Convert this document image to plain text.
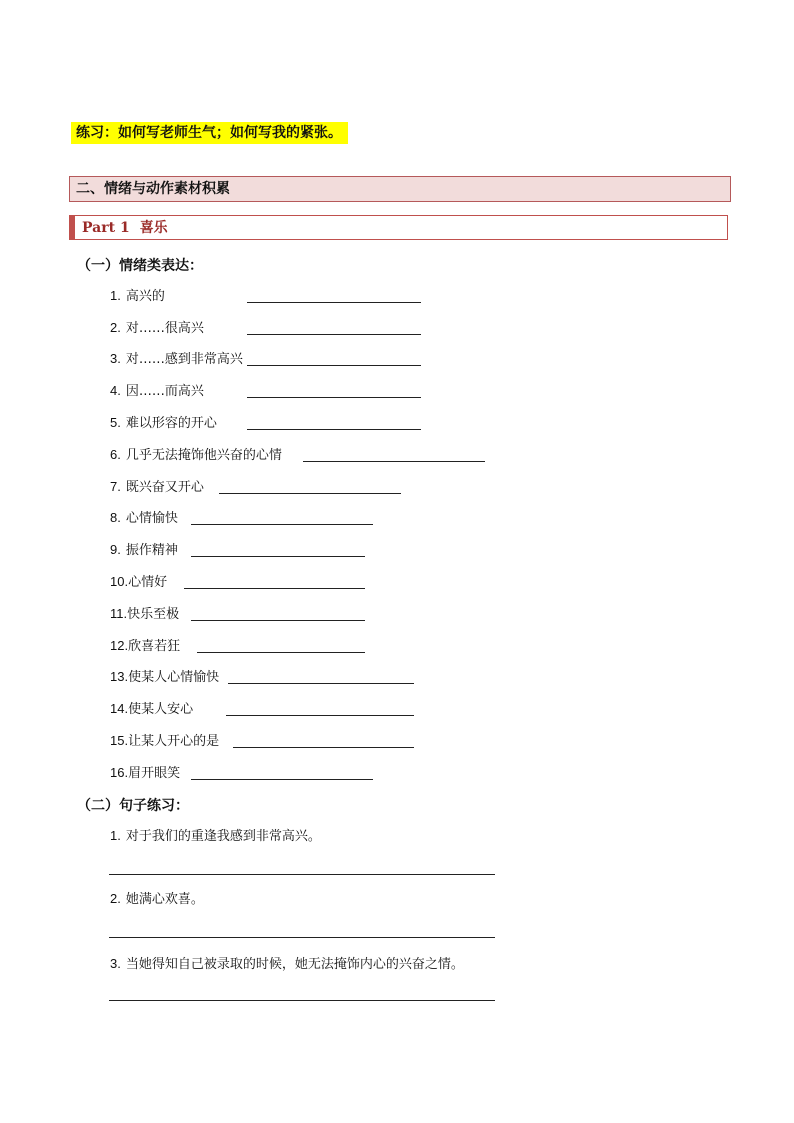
练习：如何写老师生气；如何写我的紧张。
二、情绪与动作素材积累
Part 1 喜乐
（一）情绪类表达：
1. 高兴的
2. 对……很高兴
3. 对……感到非常高兴
4. 因……而高兴
5. 难以形容的开心
6. 几乎无法掩饰他兴奋的心情
7. 既兴奋又开心
8. 心情愉快
9. 振作精神
10.心情好
11.快乐至极
12.欣喜若狂
13.使某人心情愉快
14.使某人安心
15.让某人开心的是
16.眉开眼笑
（二）句子练习：
1. 对于我们的重逢我感到非常高兴。
2. 她满心欢喜。
3. 当她得知自己被录取的时候，她无法掩饰内心的兴奋之情。
